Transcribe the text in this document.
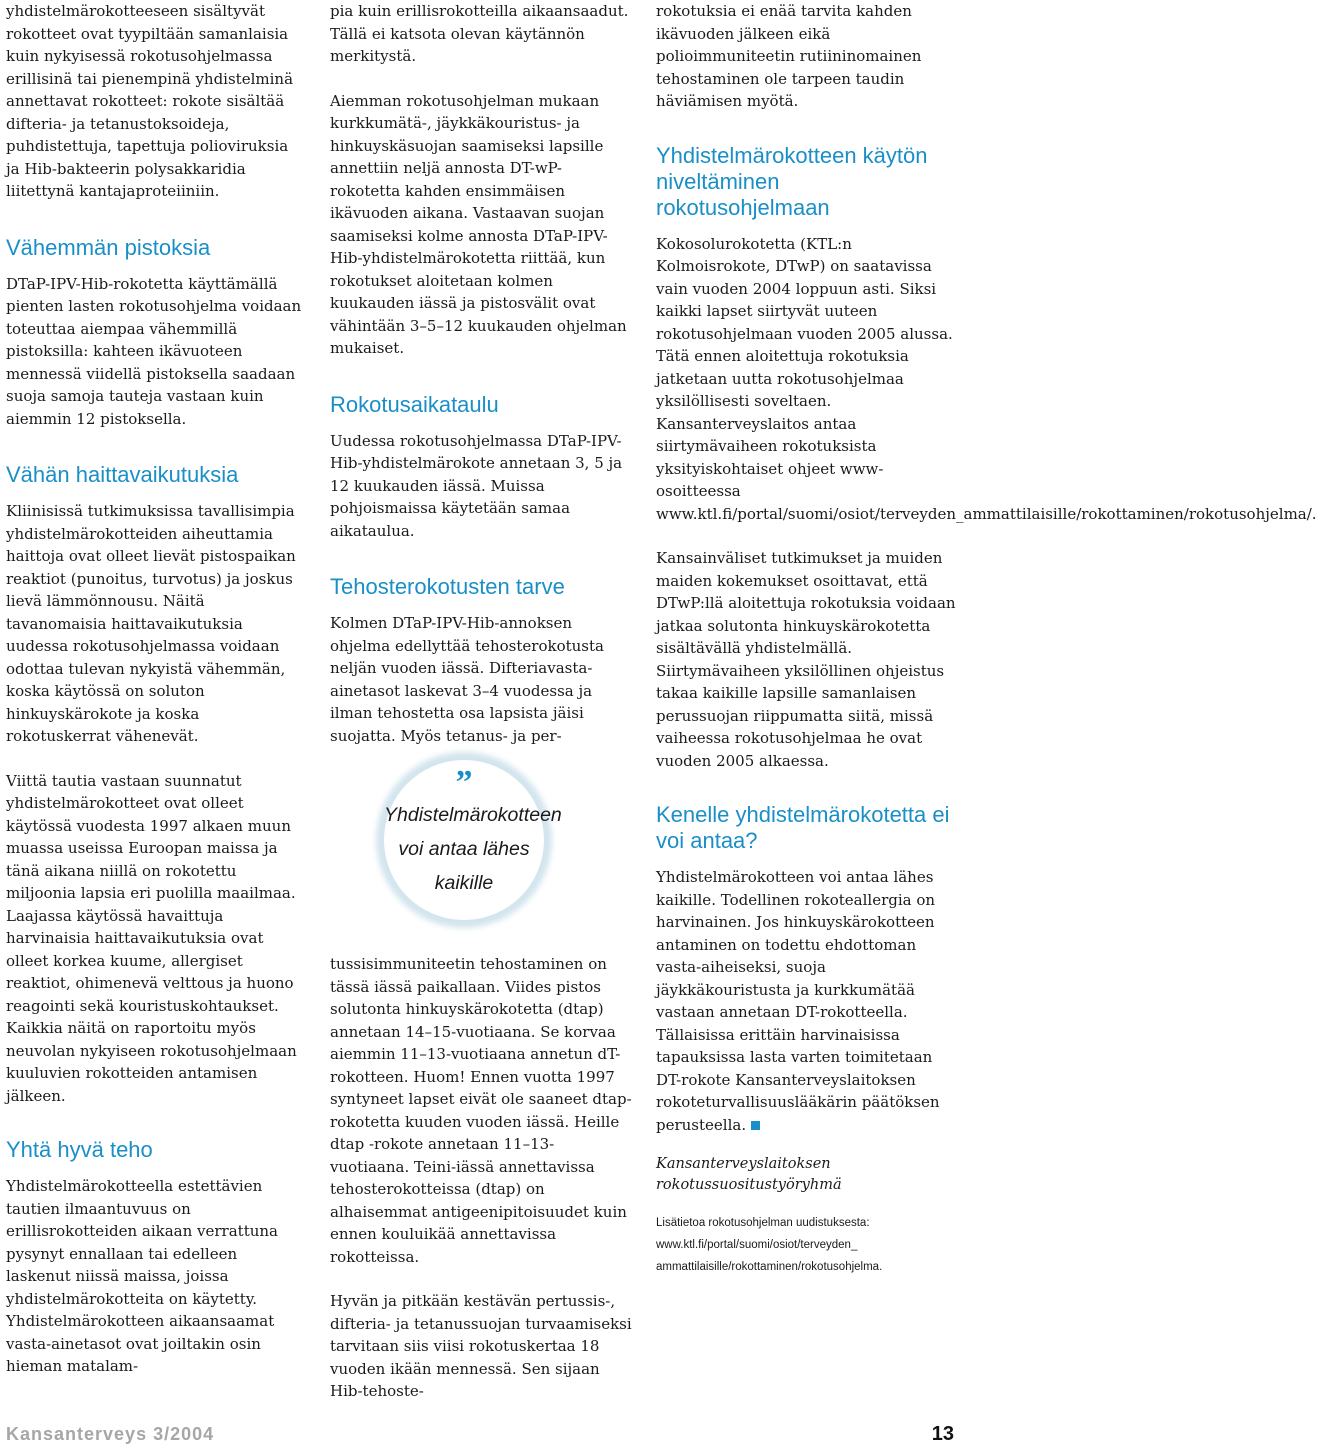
yhdistelmärokotteeseen sisältyvät rokotteet ovat tyypiltään samanlaisia kuin nykyisessä rokotusohjelmassa erillisinä tai pienempinä yhdistelminä annettavat rokotteet: rokote sisältää difteria- ja tetanustoksoideja, puhdistettuja, tapettuja polioviruksia ja Hib-bakteerin polysakkaridia liitettynä kantajaproteiiniin.

Vähemmän pistoksia

DTaP-IPV-Hib-rokotetta käyttämällä pienten lasten rokotusohjelma voidaan toteuttaa aiempaa vähemmillä pistoksilla: kahteen ikävuoteen mennessä viidellä pistoksella saadaan suoja samoja tauteja vastaan kuin aiemmin 12 pistoksella.

Vähän haittavaikutuksia

Kliinisissä tutkimuksissa tavallisimpia yhdistelmärokotteiden aiheuttamia haittoja ovat olleet lievät pistospaikan reaktiot (punoitus, turvotus) ja joskus lievä lämmönnousu. Näitä tavanomaisia haittavaikutuksia uudessa rokotusohjelmassa voidaan odottaa tulevan nykyistä vähemmän, koska käytössä on soluton hinkuyskärokote ja koska rokotuskerrat vähenevät.

Viittä tautia vastaan suunnatut yhdistelmärokotteet ovat olleet käytössä vuodesta 1997 alkaen muun muassa useissa Euroopan maissa ja tänä aikana niillä on rokotettu miljoonia lapsia eri puolilla maailmaa. Laajassa käytössä havaittuja harvinaisia haittavaikutuksia ovat olleet korkea kuume, allergiset reaktiot, ohimenevä velttous ja huono reagointi sekä kouristuskohtaukset. Kaikkia näitä on raportoitu myös neuvolan nykyiseen rokotusohjelmaan kuuluvien rokotteiden antamisen jälkeen.

Yhtä hyvä teho

Yhdistelmärokotteella estettävien tautien ilmaantuvuus on erillisrokotteiden aikaan verrattuna pysynyt ennallaan tai edelleen laskenut niissä maissa, joissa yhdistelmärokotteita on käytetty. Yhdistelmärokotteen aikaansaamat vasta-ainetasot ovat joiltakin osin hieman matalam-

pia kuin erillisrokotteilla aikaansaadut. Tällä ei katsota olevan käytännön merkitystä.

Aiemman rokotusohjelman mukaan kurkkumätä-, jäykkäkouristus- ja hinkuyskäsuojan saamiseksi lapsille annettiin neljä annosta DT-wP-rokotetta kahden ensimmäisen ikävuoden aikana. Vastaavan suojan saamiseksi kolme annosta DTaP-IPV-Hib-yhdistelmärokotetta riittää, kun rokotukset aloitetaan kolmen kuukauden iässä ja pistosvälit ovat vähintään 3–5–12 kuukauden ohjelman mukaiset.

Rokotusaikataulu

Uudessa rokotusohjelmassa DTaP-IPV-Hib-yhdistelmärokote annetaan 3, 5 ja 12 kuukauden iässä. Muissa pohjoismaissa käytetään samaa aikataulua.

Tehosterokotusten tarve

Kolmen DTaP-IPV-Hib-annoksen ohjelma edellyttää tehosterokotusta neljän vuoden iässä. Difteriavasta-ainetasot laskevat 3–4 vuodessa ja ilman tehostetta osa lapsista jäisi suojatta. Myös tetanus- ja per-

tussisimmuniteetin tehostaminen on tässä iässä paikallaan. Viides pistos solutonta hinkuyskärokotetta (dtap) annetaan 14–15-vuotiaana. Se korvaa aiemmin 11–13-vuotiaana annetun dT-rokotteen. Huom! Ennen vuotta 1997 syntyneet lapset eivät ole saaneet dtap-rokotetta kuuden vuoden iässä. Heille dtap -rokote annetaan 11–13-vuotiaana. Teini-iässä annettavissa tehosterokotteissa (dtap) on alhaisemmat antigeenipitoisuudet kuin ennen kouluikää annettavissa rokotteissa.

Hyvän ja pitkään kestävän pertussis-, difteria- ja tetanussuojan turvaamiseksi tarvitaan siis viisi rokotuskertaa 18 vuoden ikään mennessä. Sen sijaan Hib-tehoste-

”
Yhdistelmärokotteen voi antaa lähes kaikille

rokotuksia ei enää tarvita kahden ikävuoden jälkeen eikä polioimmuniteetin rutiininomainen tehostaminen ole tarpeen taudin häviämisen myötä.

Yhdistelmärokotteen käytön niveltäminen rokotusohjelmaan

Kokosolurokotetta (KTL:n Kolmoisrokote, DTwP) on saatavissa vain vuoden 2004 loppuun asti. Siksi kaikki lapset siirtyvät uuteen rokotusohjelmaan vuoden 2005 alussa. Tätä ennen aloitettuja rokotuksia jatketaan uutta rokotusohjelmaa yksilöllisesti soveltaen. Kansanterveyslaitos antaa siirtymävaiheen rokotuksista yksityiskohtaiset ohjeet www-osoitteessa www.ktl.fi/portal/suomi/osiot/terveyden_ammattilaisille/rokottaminen/rokotusohjelma/.

Kansainväliset tutkimukset ja muiden maiden kokemukset osoittavat, että DTwP:llä aloitettuja rokotuksia voidaan jatkaa solutonta hinkuyskärokotetta sisältävällä yhdistelmällä. Siirtymävaiheen yksilöllinen ohjeistus takaa kaikille lapsille samanlaisen perussuojan riippumatta siitä, missä vaiheessa rokotusohjelmaa he ovat vuoden 2005 alkaessa.

Kenelle yhdistelmärokotetta ei voi antaa?

Yhdistelmärokotteen voi antaa lähes kaikille. Todellinen rokoteallergia on harvinainen. Jos hinkuyskärokotteen antaminen on todettu ehdottoman vasta-aiheiseksi, suoja jäykkäkouristusta ja kurkkumätää vastaan annetaan DT-rokotteella. Tällaisissa erittäin harvinaisissa tapauksissa lasta varten toimitetaan DT-rokote Kansanterveyslaitoksen rokoteturvallisuuslääkärin päätöksen perusteella.

Kansanterveyslaitoksen
rokotussuositustyöryhmä

Lisätietoa rokotusohjelman uudistuksesta: www.ktl.fi/portal/suomi/osiot/terveyden_
ammattilaisille/rokottaminen/rokotusohjelma.

Kansanterveys 3/2004	13
